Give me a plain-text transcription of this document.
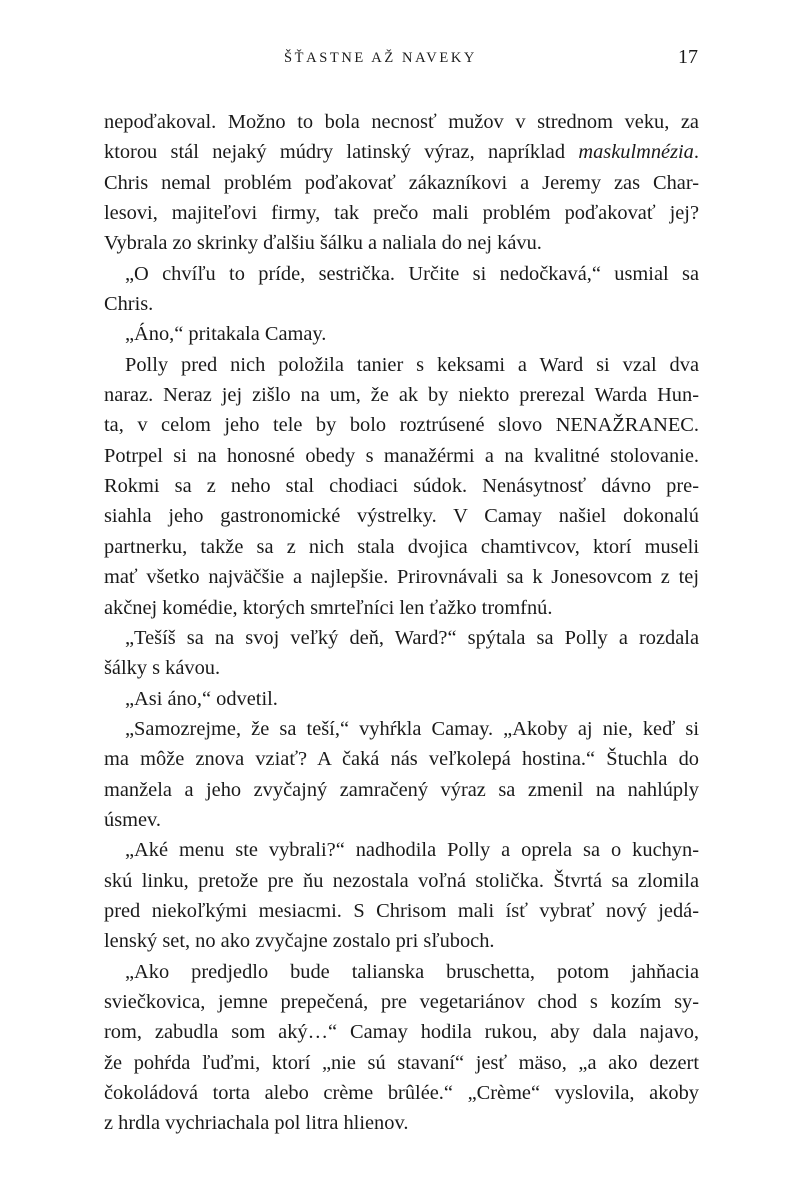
ŠŤASTNE AŽ NAVEKY	17
nepoďakoval. Možno to bola necnosť mužov v strednom veku, za
ktorou stál nejaký múdry latinský výraz, napríklad maskulmnézia.
Chris nemal problém poďakovať zákazníkovi a Jeremy zas Char-
lesovi, majiteľovi firmy, tak prečo mali problém poďakovať jej?
Vybrala zo skrinky ďalšiu šálku a naliala do nej kávu.
„O chvíľu to príde, sestrička. Určite si nedočkavá,“ usmial sa
Chris.
„Áno,“ pritakala Camay.
Polly pred nich položila tanier s keksami a Ward si vzal dva
naraz. Neraz jej zišlo na um, že ak by niekto prerezal Warda Hun-
ta, v celom jeho tele by bolo roztrúsené slovo NENAŽRANEC.
Potrpel si na honosné obedy s manažérmi a na kvalitné stolovanie.
Rokmi sa z neho stal chodiaci súdok. Nenásytnosť dávno pre-
siahla jeho gastronomické výstrelky. V Camay našiel dokonalú
partnerku, takže sa z nich stala dvojica chamtivcov, ktorí museli
mať všetko najväčšie a najlepšie. Prirovnávali sa k Jonesovcom z tej
akčnej komédie, ktorých smrteľníci len ťažko tromfnú.
„Tešíš sa na svoj veľký deň, Ward?“ spýtala sa Polly a rozdala
šálky s kávou.
„Asi áno,“ odvetil.
„Samozrejme, že sa teší,“ vyhŕkla Camay. „Akoby aj nie, keď si
ma môže znova vziať? A čaká nás veľkolepá hostina.“ Štuchla do
manžela a jeho zvyčajný zamračený výraz sa zmenil na nahlúply
úsmev.
„Aké menu ste vybrali?“ nadhodila Polly a oprela sa o kuchyn-
skú linku, pretože pre ňu nezostala voľná stolička. Štvrtá sa zlomila
pred niekoľkými mesiacmi. S Chrisom mali ísť vybrať nový jedá-
lenský set, no ako zvyčajne zostalo pri sľuboch.
„Ako predjedlo bude talianska bruschetta, potom jahňacia
sviečkovica, jemne prepečená, pre vegetariánov chod s kozím sy-
rom, zabudla som aký…“ Camay hodila rukou, aby dala najavo,
že pohŕda ľuďmi, ktorí „nie sú stavaní“ jesť mäso, „a ako dezert
čokoládová torta alebo crème brûlée.“ „Crème“ vyslovila, akoby
z hrdla vychriachala pol litra hlienov.
